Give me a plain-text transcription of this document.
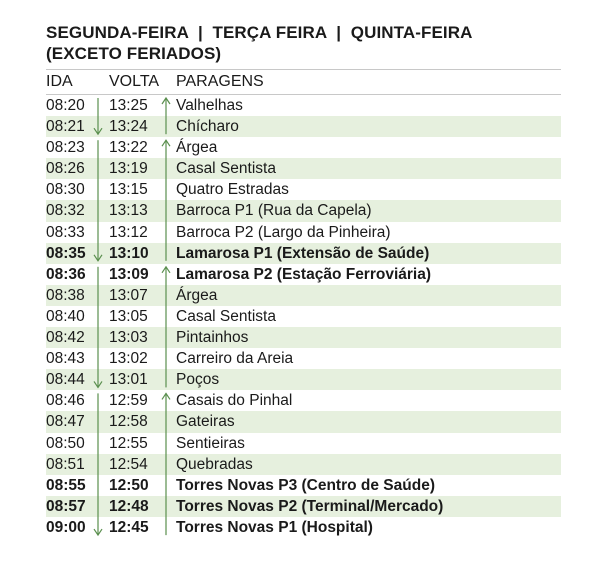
SEGUNDA-FEIRA  |  TERÇA FEIRA  |  QUINTA-FEIRA
(EXCETO FERIADOS)
IDA VOLTA PARAGENS
08:20 13:25 Valhelhas
08:21 13:24 Chícharo
08:23 13:22 Árgea
08:26 13:19 Casal Sentista
08:30 13:15 Quatro Estradas
08:32 13:13 Barroca P1 (Rua da Capela)
08:33 13:12 Barroca P2 (Largo da Pinheira)
08:35 13:10 Lamarosa P1 (Extensão de Saúde)
08:36 13:09 Lamarosa P2 (Estação Ferroviária)
08:38 13:07 Árgea
08:40 13:05 Casal Sentista
08:42 13:03 Pintainhos
08:43 13:02 Carreiro da Areia
08:44 13:01 Poços
08:46 12:59 Casais do Pinhal
08:47 12:58 Gateiras
08:50 12:55 Sentieiras
08:51 12:54 Quebradas
08:55 12:50 Torres Novas P3 (Centro de Saúde)
08:57 12:48 Torres Novas P2 (Terminal/Mercado)
09:00 12:45 Torres Novas P1 (Hospital)
